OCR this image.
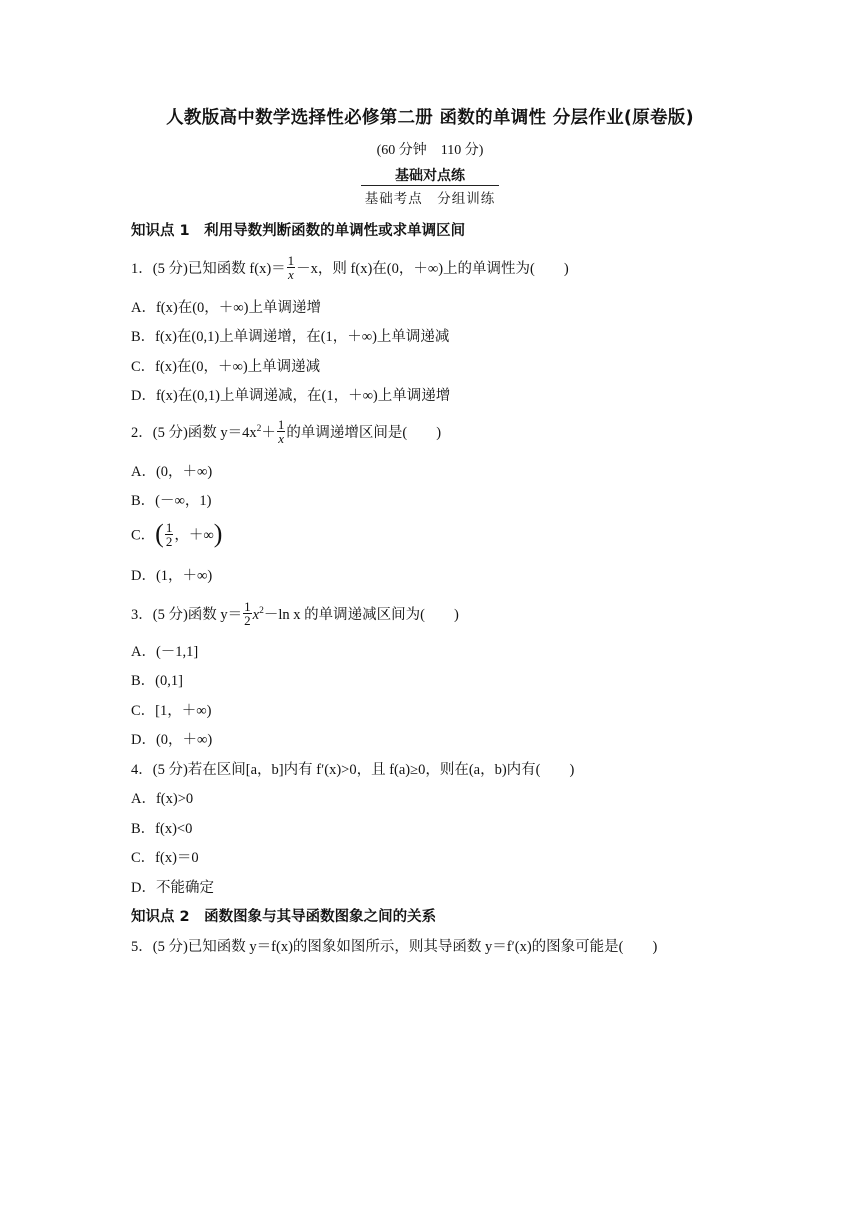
人教版高中数学选择性必修第二册 函数的单调性 分层作业(原卷版)
(60 分钟　110 分)
基础对点练
基础考点　分组训练
知识点 1　利用导数判断函数的单调性或求单调区间
1．(5 分)已知函数 $f(x)= \frac{1}{x} -x$，则 f(x)在(0，＋∞)上的单调性为(　　)
A．f(x)在(0，＋∞)上单调递增
B．f(x)在(0,1)上单调递增，在(1，＋∞)上单调递减
C．f(x)在(0，＋∞)上单调递减
D．f(x)在(0,1)上单调递减，在(1，＋∞)上单调递增
2．(5 分)函数 $y=4x^2+ \frac{1}{x}$ 的单调递增区间是(　　)
A．(0，＋∞)
B．(－∞，1)
C．( $\frac{1}{2}$ ，＋∞)
D．(1，＋∞)
3．(5 分)函数 $y= \frac{1}{2} x^2-\ln$ x 的单调递减区间为(　　)
A．(－1,1]
B．(0,1]
C．[1，＋∞)
D．(0，＋∞)
4．(5 分)若在区间[a，b]内有 f′(x)>0，且 f(a)≥0，则在(a，b)内有(　　)
A．f(x)>0
B．f(x)<0
C．f(x)＝0
D．不能确定
知识点 2　函数图象与其导函数图象之间的关系
5．(5 分)已知函数 y＝f(x)的图象如图所示，则其导函数 y＝f′(x)的图象可能是(　　)
